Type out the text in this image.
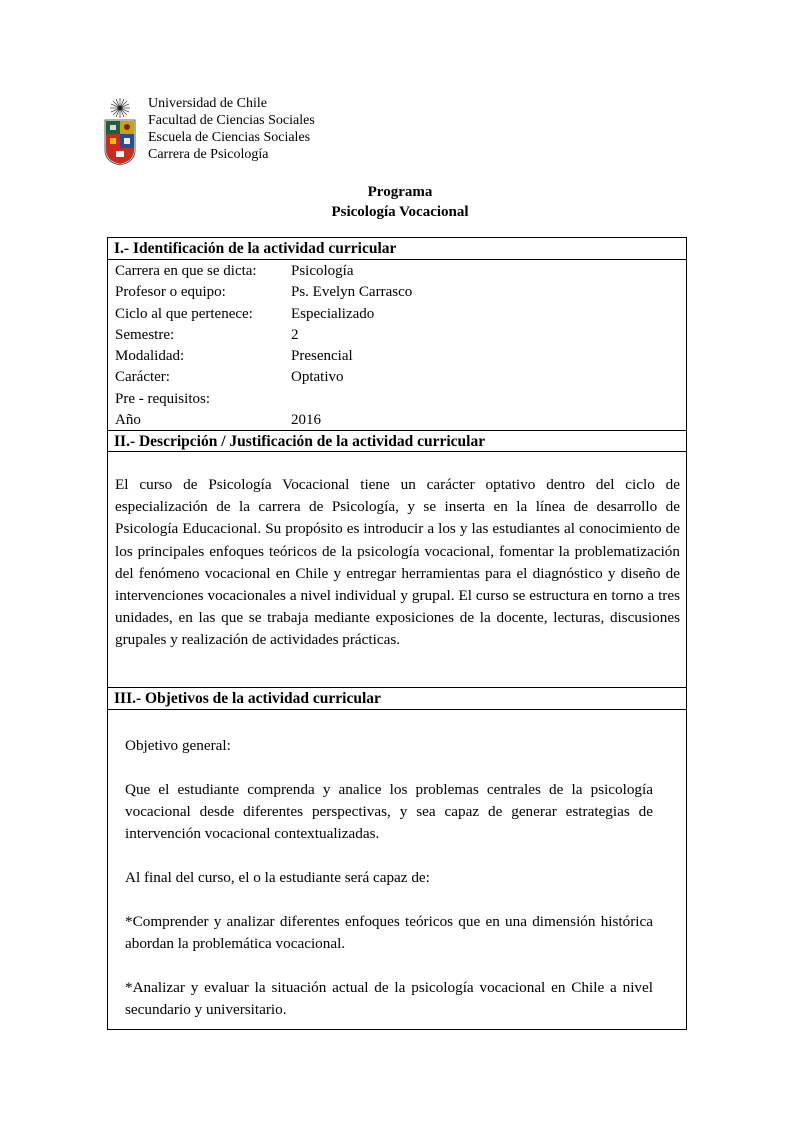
Universidad de Chile
Facultad de Ciencias Sociales
Escuela de Ciencias Sociales
Carrera de Psicología
Programa
Psicología Vocacional
I.- Identificación de la actividad curricular
Carrera en que se dicta: Psicología
Profesor o equipo:	Ps. Evelyn Carrasco
Ciclo al que pertenece:	Especializado
Semestre:	2
Modalidad:	Presencial
Carácter:	Optativo
Pre - requisitos:
Año	2016
II.- Descripción / Justificación de la actividad curricular
El curso de Psicología Vocacional tiene un carácter optativo dentro del ciclo de especialización de la carrera de Psicología, y se inserta en la línea de desarrollo de Psicología Educacional. Su propósito es introducir a los y las estudiantes al conocimiento de los principales enfoques teóricos de la psicología vocacional, fomentar la problematización del fenómeno vocacional en Chile y entregar herramientas para el diagnóstico y diseño de intervenciones vocacionales a nivel individual y grupal. El curso se estructura en torno a tres unidades, en las que se trabaja mediante exposiciones de la docente, lecturas, discusiones grupales y realización de actividades prácticas.
III.- Objetivos de la actividad curricular

Objetivo general:

Que el estudiante comprenda y analice los problemas centrales de la psicología vocacional desde diferentes perspectivas, y sea capaz de generar estrategias de intervención vocacional contextualizadas.

Al final del curso, el o la estudiante será capaz de:

*Comprender y analizar diferentes enfoques teóricos que en una dimensión histórica abordan la problemática vocacional.

*Analizar y evaluar la situación actual de la psicología vocacional en Chile a nivel secundario y universitario.
